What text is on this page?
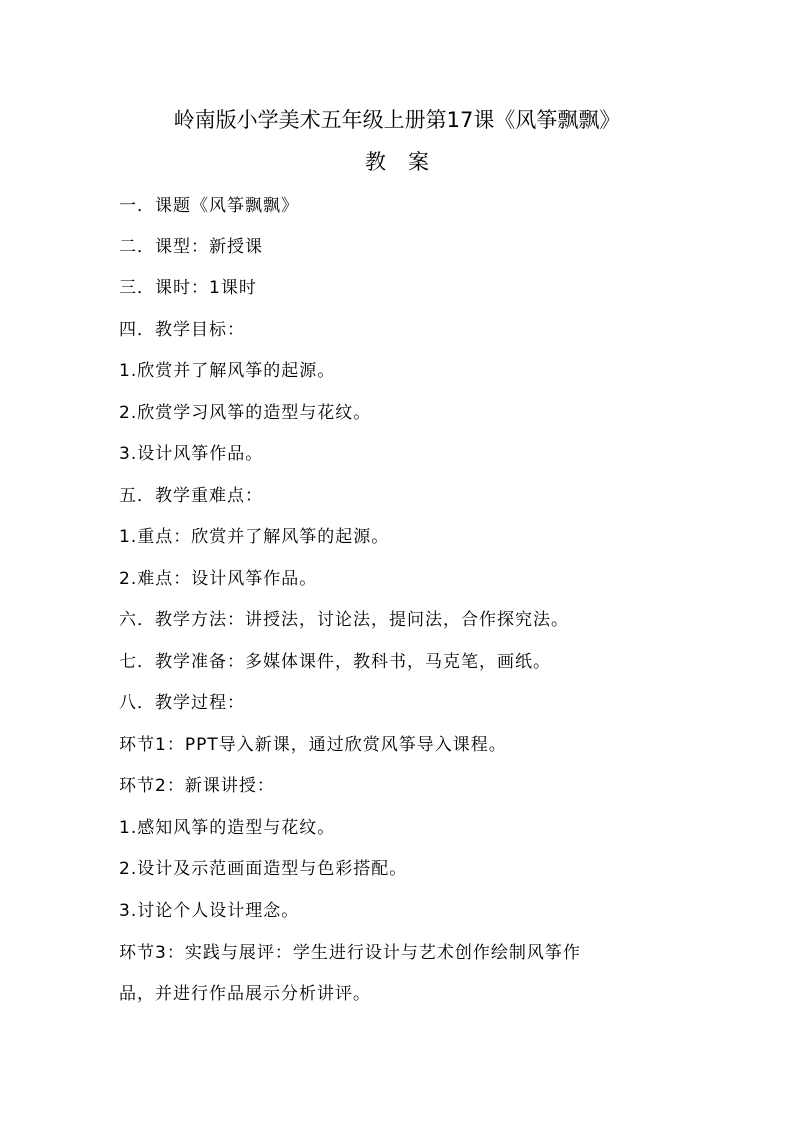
岭南版小学美术五年级上册第17课《风筝飘飘》
教案
一．课题《风筝飘飘》
二．课型：新授课
三．课时：1课时
四．教学目标：
1.欣赏并了解风筝的起源。
2.欣赏学习风筝的造型与花纹。
3.设计风筝作品。
五．教学重难点：
1.重点：欣赏并了解风筝的起源。
2.难点：设计风筝作品。
六．教学方法：讲授法，讨论法，提问法，合作探究法。
七．教学准备：多媒体课件，教科书，马克笔，画纸。
八．教学过程：
环节1：PPT导入新课，通过欣赏风筝导入课程。
环节2：新课讲授：
1.感知风筝的造型与花纹。
2.设计及示范画面造型与色彩搭配。
3.讨论个人设计理念。
环节3：实践与展评：学生进行设计与艺术创作绘制风筝作
品，并进行作品展示分析讲评。
